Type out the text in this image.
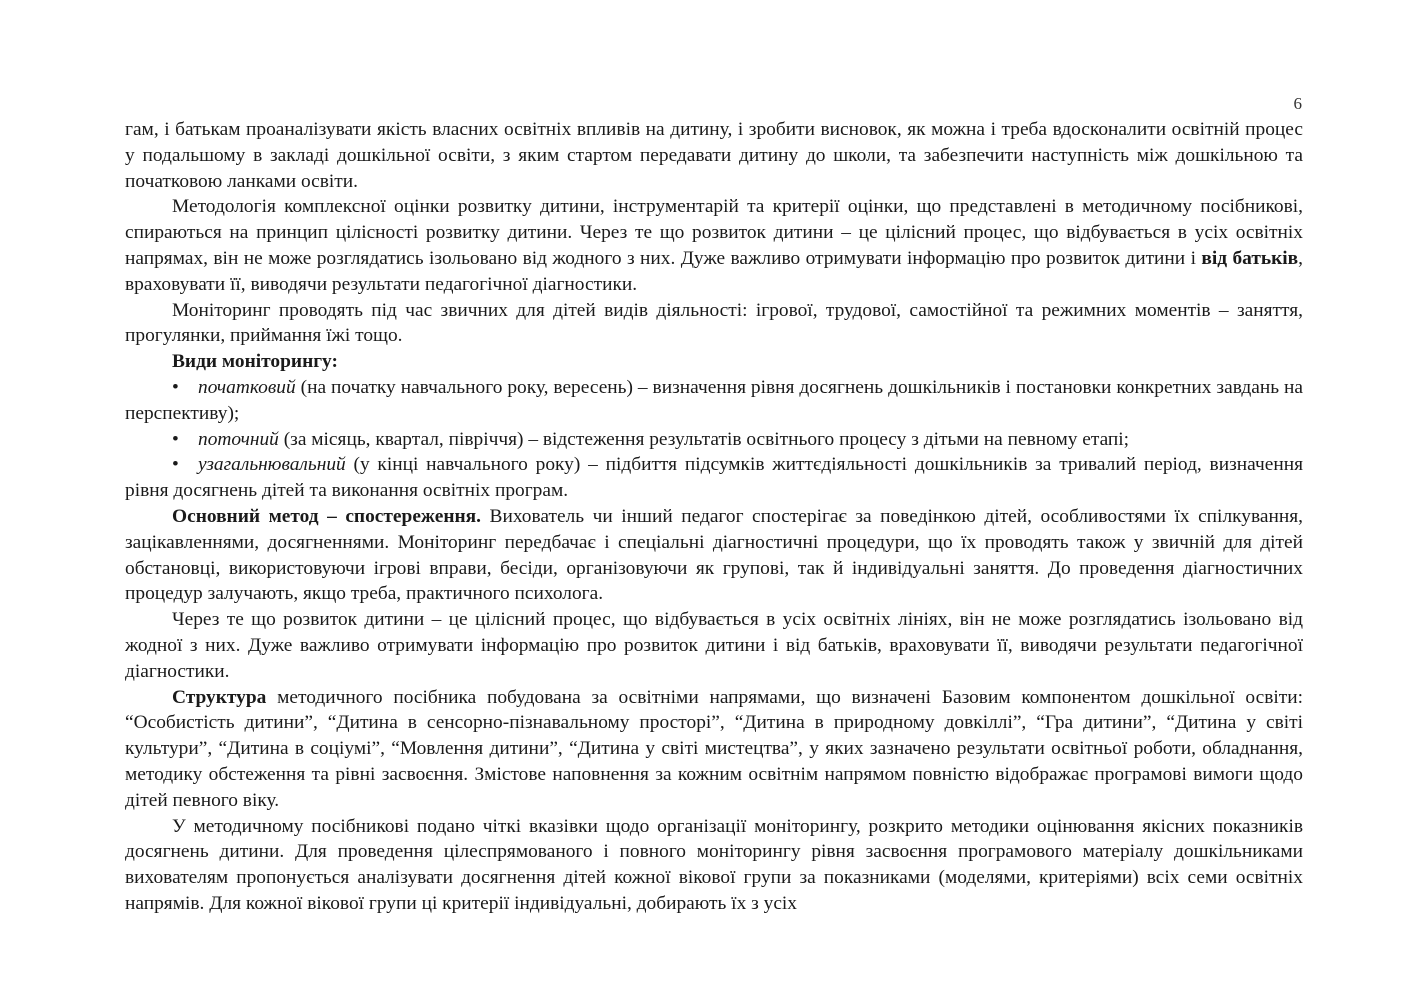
6

гам, і батькам проаналізувати якість власних освітніх впливів на дитину, і зробити висновок, як можна і треба вдосконалити освітній процес у подальшому в закладі дошкільної освіти, з яким стартом передавати дитину до школи, та забезпечити наступність між дошкільною та початковою ланками освіти.

Методологія комплексної оцінки розвитку дитини, інструментарій та критерії оцінки, що представлені в методичному посібникові, спираються на принцип цілісності розвитку дитини. Через те що розвиток дитини – це цілісний процес, що відбувається в усіх освітніх напрямах, він не може розглядатись ізольовано від жодного з них. Дуже важливо отримувати інформацію про розвиток дитини і від батьків, враховувати її, виводячи результати педагогічної діагностики.

Моніторинг проводять під час звичних для дітей видів діяльності: ігрової, трудової, самостійної та режимних моментів – заняття, прогулянки, приймання їжі тощо.

Види моніторингу:

• початковий (на початку навчального року, вересень) – визначення рівня досягнень дошкільників і постановки конкретних завдань на перспективу);

• поточний (за місяць, квартал, півріччя) – відстеження результатів освітнього процесу з дітьми на певному етапі;

• узагальнювальний (у кінці навчального року) – підбиття підсумків життєдіяльності дошкільників за тривалий період, визначення рівня досягнень дітей та виконання освітніх програм.

Основний метод – спостереження. Вихователь чи інший педагог спостерігає за поведінкою дітей, особливостями їх спілкування, зацікавленнями, досягненнями. Моніторинг передбачає і спеціальні діагностичні процедури, що їх проводять також у звичній для дітей обстановці, використовуючи ігрові вправи, бесіди, організовуючи як групові, так й індивідуальні заняття. До проведення діагностичних процедур залучають, якщо треба, практичного психолога.

Через те що розвиток дитини – це цілісний процес, що відбувається в усіх освітніх лініях, він не може розглядатись ізольовано від жодної з них. Дуже важливо отримувати інформацію про розвиток дитини і від батьків, враховувати її, виводячи результати педагогічної діагностики.

Структура методичного посібника побудована за освітніми напрямами, що визначені Базовим компонентом дошкільної освіти: “Особистість дитини”, “Дитина в сенсорно-пізнавальному просторі”, “Дитина в природному довкіллі”, “Гра дитини”, “Дитина у світі культури”, “Дитина в соціумі”, “Мовлення дитини”, “Дитина у світі мистецтва”, у яких зазначено результати освітньої роботи, обладнання, методику обстеження та рівні засвоєння. Змістове наповнення за кожним освітнім напрямом повністю відображає програмові вимоги щодо дітей певного віку.

У методичному посібникові подано чіткі вказівки щодо організації моніторингу, розкрито методики оцінювання якісних показників досягнень дитини. Для проведення цілеспрямованого і повного моніторингу рівня засвоєння програмового матеріалу дошкільниками вихователям пропонується аналізувати досягнення дітей кожної вікової групи за показниками (моделями, критеріями) всіх семи освітніх напрямів. Для кожної вікової групи ці критерії індивідуальні, добирають їх з усіх
